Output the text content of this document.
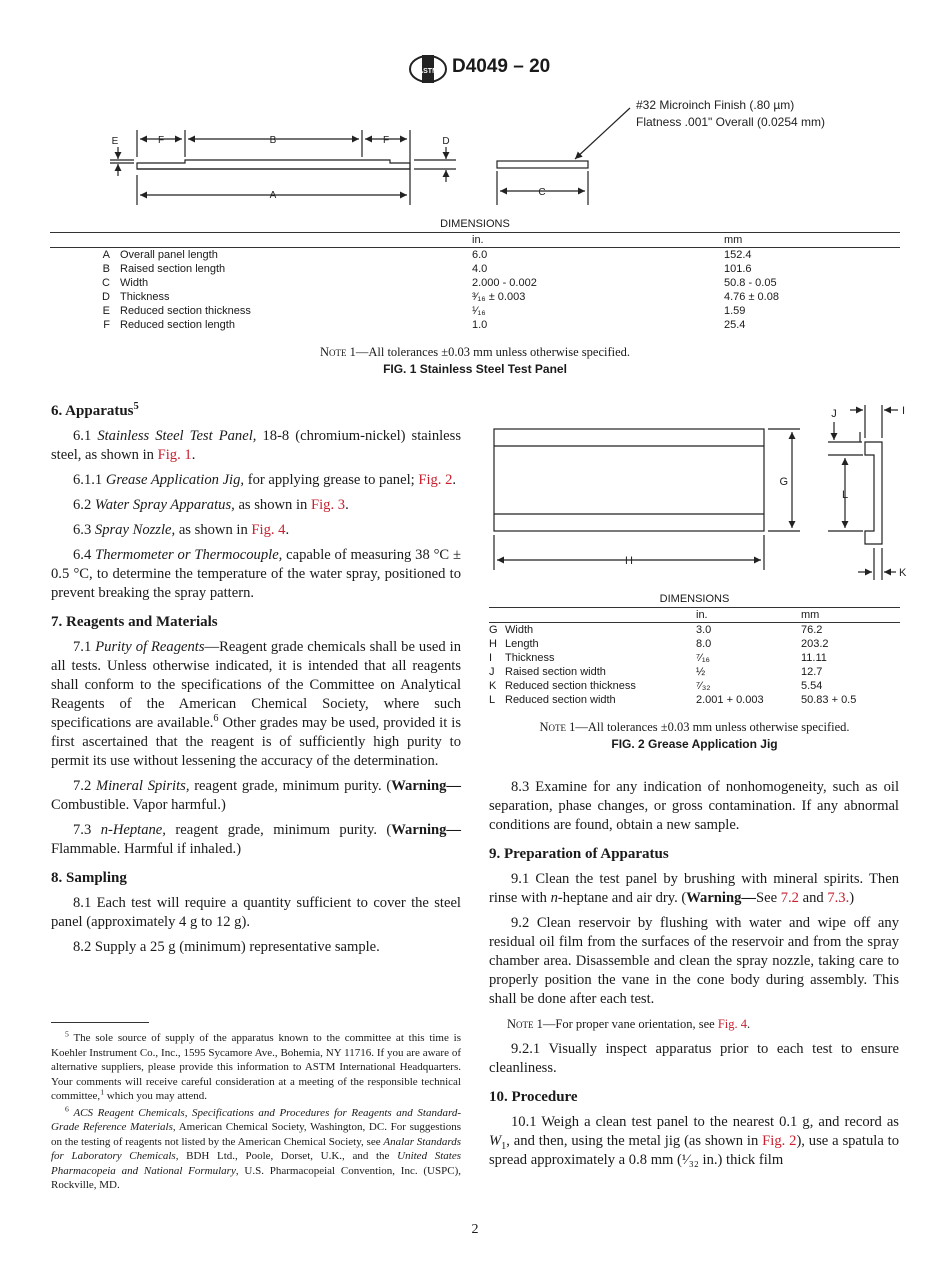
ASTM D4049 – 20
F	B	F
A
E	D
C
#32 Microinch Finish (.80 µm)
Flatness .001" Overall (0.0254 mm)
DIMENSIONS
		in.	mm
A	Overall panel length	6.0	152.4
B	Raised section length	4.0	101.6
C	Width	2.000 - 0.002	50.8 - 0.05
D	Thickness	³⁄₁₆ ± 0.003	4.76 ± 0.08
E	Reduced section thickness	¹⁄₁₆	1.59
F	Reduced section length	1.0	25.4
Note 1—All tolerances ±0.03 mm unless otherwise specified.
FIG. 1 Stainless Steel Test Panel
6. Apparatus$^5$

6.1 Stainless Steel Test Panel, 18-8 (chromium-nickel) stainless steel, as shown in Fig. 1.

6.1.1 Grease Application Jig, for applying grease to panel; Fig. 2.

6.2 Water Spray Apparatus, as shown in Fig. 3.

6.3 Spray Nozzle, as shown in Fig. 4.

6.4 Thermometer or Thermocouple, capable of measuring 38 °C ± 0.5 °C, to determine the temperature of the water spray, positioned to prevent breaking the spray pattern.

7. Reagents and Materials

7.1 Purity of Reagents—Reagent grade chemicals shall be used in all tests. Unless otherwise indicated, it is intended that all reagents shall conform to the specifications of the Committee on Analytical Reagents of the American Chemical Society, where such specifications are available.$^6$ Other grades may be used, provided it is first ascertained that the reagent is of sufficiently high purity to permit its use without lessening the accuracy of the determination.

7.2 Mineral Spirits, reagent grade, minimum purity. (Warning—Combustible. Vapor harmful.)

7.3 n-Heptane, reagent grade, minimum purity. (Warning—Flammable. Harmful if inhaled.)

8. Sampling

8.1 Each test will require a quantity sufficient to cover the steel panel (approximately 4 g to 12 g).

8.2 Supply a 25 g (minimum) representative sample.

$^5$ The sole source of supply of the apparatus known to the committee at this time is Koehler Instrument Co., Inc., 1595 Sycamore Ave., Bohemia, NY 11716. If you are aware of alternative suppliers, please provide this information to ASTM International Headquarters. Your comments will receive careful consideration at a meeting of the responsible technical committee,$^1$ which you may attend.

$^6$ ACS Reagent Chemicals, Specifications and Procedures for Reagents and Standard-Grade Reference Materials, American Chemical Society, Washington, DC. For suggestions on the testing of reagents not listed by the American Chemical Society, see Analar Standards for Laboratory Chemicals, BDH Ltd., Poole, Dorset, U.K., and the United States Pharmacopeia and National Formulary, U.S. Pharmacopeial Convention, Inc. (USPC), Rockville, MD.

G
H
J
L
I
K
DIMENSIONS
		in.	mm
G	Width	3.0	76.2
H	Length	8.0	203.2
I	Thickness	⁷⁄₁₆	11.11
J	Raised section width	½	12.7
K	Reduced section thickness	⁷⁄₃₂	5.54
L	Reduced section width	2.001 + 0.003	50.83 + 0.5
Note 1—All tolerances ±0.03 mm unless otherwise specified.
FIG. 2 Grease Application Jig

8.3 Examine for any indication of nonhomogeneity, such as oil separation, phase changes, or gross contamination. If any abnormal conditions are found, obtain a new sample.

9. Preparation of Apparatus

9.1 Clean the test panel by brushing with mineral spirits. Then rinse with n-heptane and air dry. (Warning—See 7.2 and 7.3.)

9.2 Clean reservoir by flushing with water and wipe off any residual oil film from the surfaces of the reservoir and from the spray chamber area. Disassemble and clean the spray nozzle, taking care to properly position the vane in the cone body during assembly. This shall be done after each test.

Note 1—For proper vane orientation, see Fig. 4.

9.2.1 Visually inspect apparatus prior to each test to ensure cleanliness.

10. Procedure

10.1 Weigh a clean test panel to the nearest 0.1 g, and record as $W_1$, and then, using the metal jig (as shown in Fig. 2), use a spatula to spread approximately a 0.8 mm (¹⁄₃₂ in.) thick film

2
